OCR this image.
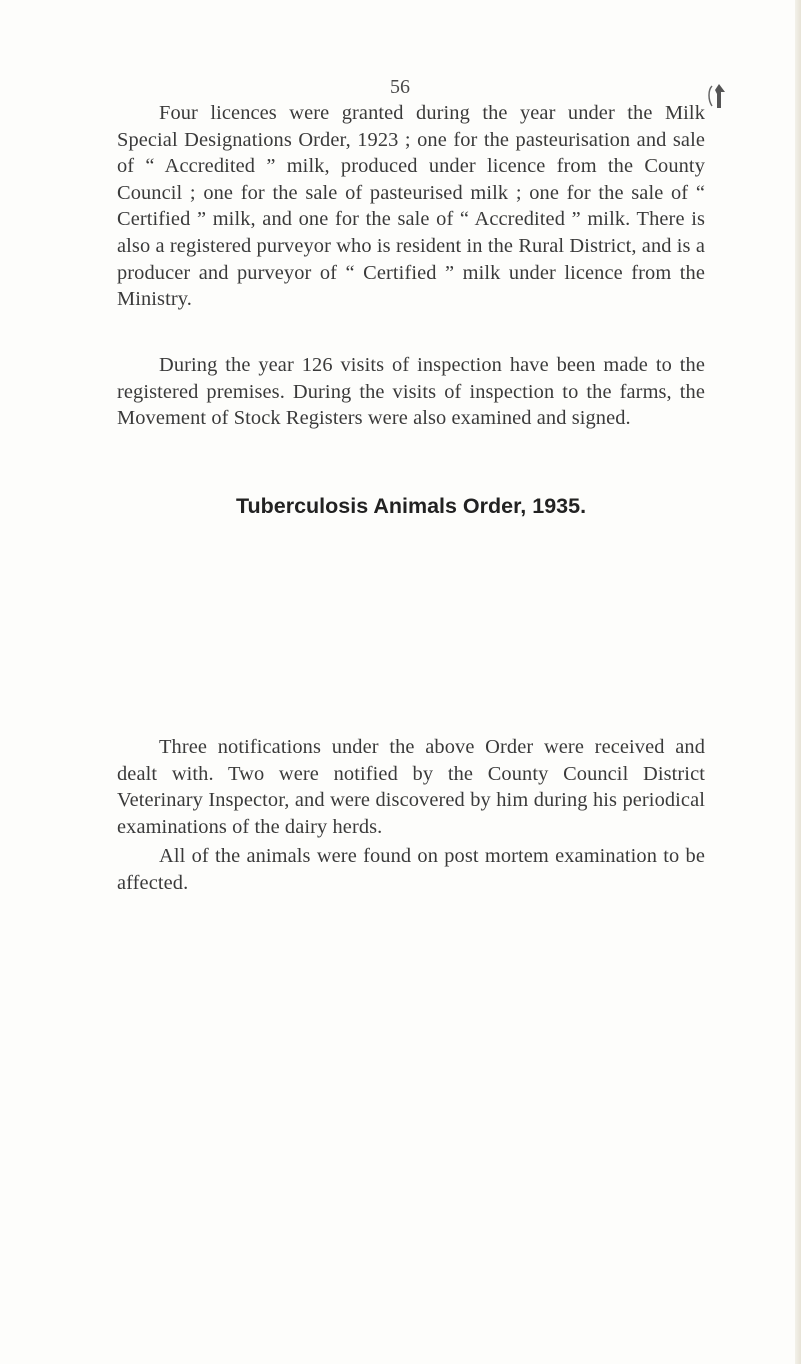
56

Four licences were granted during the year under the Milk Special Designations Order, 1923 ; one for the pasteurisation and sale of “ Accredited ” milk, produced under licence from the County Council ; one for the sale of pasteurised milk ; one for the sale of “ Certified ” milk, and one for the sale of “ Accredited ” milk. There is also a registered purveyor who is resident in the Rural District, and is a producer and purveyor of “ Certified ” milk under licence from the Ministry.

During the year 126 visits of inspection have been made to the registered premises. During the visits of inspection to the farms, the Movement of Stock Registers were also examined and signed.

Tuberculosis Animals Order, 1935.

Three notifications under the above Order were received and dealt with. Two were notified by the County Council District Veterinary Inspector, and were discovered by him during his periodical examinations of the dairy herds.

All of the animals were found on post mortem examination to be affected.
